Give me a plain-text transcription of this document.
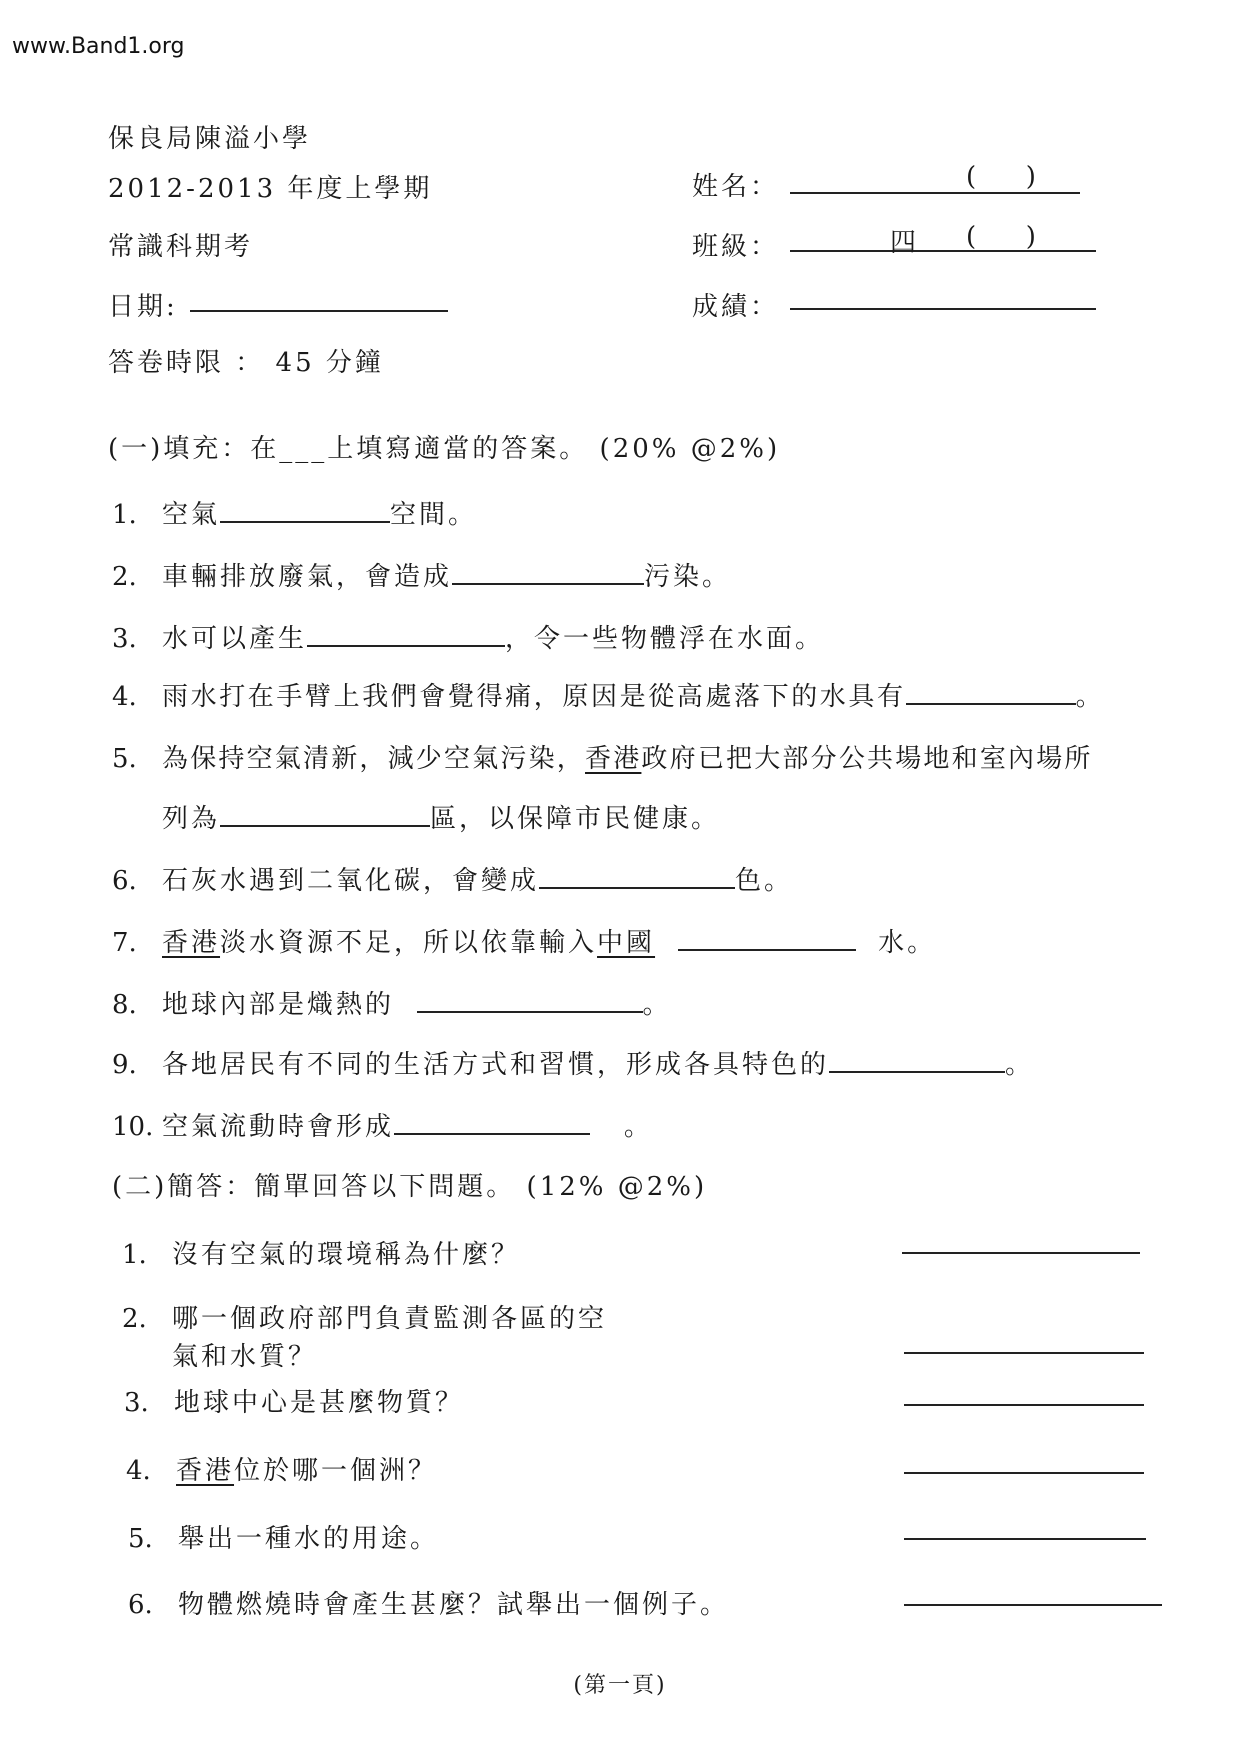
www.Band1.org
保良局陳溢小學
2012-2013 年度上學期
常識科期考
日期:
答卷時限 ： 45 分鐘
姓名：	(      )
班級：	四 (      )
成績：
(一)填充：在___上填寫適當的答案。 (20% @2%)
1. 空氣	空間。
2. 車輛排放廢氣，會造成	污染。
3. 水可以產生	，令一些物體浮在水面。
4. 雨水打在手臂上我們會覺得痛，原因是從高處落下的水具有	。
5. 為保持空氣清新，減少空氣污染，香港政府已把大部分公共場地和室內場所
列為	區，以保障市民健康。
6. 石灰水遇到二氧化碳，會變成	色。
7. 香港淡水資源不足，所以依靠輸入中國	水。
8. 地球內部是熾熱的	。
9. 各地居民有不同的生活方式和習慣，形成各具特色的	。
10. 空氣流動時會形成	。
(二)簡答：簡單回答以下問題。 (12% @2%)
1. 沒有空氣的環境稱為什麼？
2. 哪一個政府部門負責監測各區的空
氣和水質？
3. 地球中心是甚麼物質？
4. 香港位於哪一個洲？
5. 舉出一種水的用途。
6. 物體燃燒時會產生甚麼？試舉出一個例子。
(第一頁)
